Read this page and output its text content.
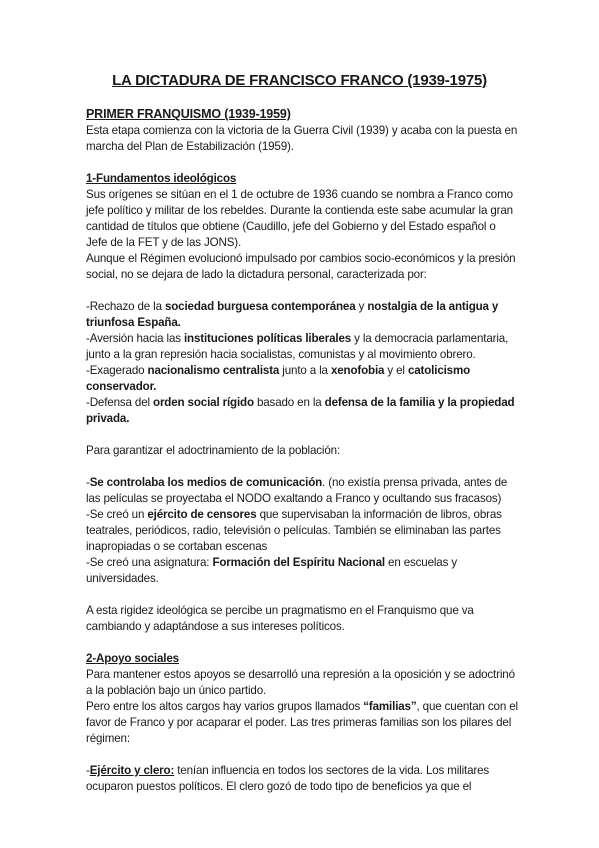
LA DICTADURA DE FRANCISCO FRANCO (1939-1975)

PRIMER FRANQUISMO (1939-1959)

Esta etapa comienza con la victoria de la Guerra Civil (1939) y acaba con la puesta en marcha del Plan de Estabilización (1959).

1-Fundamentos ideológicos

Sus orígenes se sitúan en el 1 de octubre de 1936 cuando se nombra a Franco como jefe político y militar de los rebeldes. Durante la contienda este sabe acumular la gran cantidad de títulos que obtiene (Caudillo, jefe del Gobierno y del Estado español o Jefe de la FET y de las JONS).

Aunque el Régimen evolucionó impulsado por cambios socio-económicos y la presión social, no se dejara de lado la dictadura personal, caracterizada por:

-Rechazo de la sociedad burguesa contemporánea y nostalgia de la antigua y triunfosa España.

-Aversión hacia las instituciones políticas liberales y la democracia parlamentaria, junto a la gran represión hacia socialistas, comunistas y al movimiento obrero.

-Exagerado nacionalismo centralista junto a la xenofobia y el catolicismo conservador.

-Defensa del orden social rígido basado en la defensa de la familia y la propiedad privada.

Para garantizar el adoctrinamiento de la población:

-Se controlaba los medios de comunicación. (no existía prensa privada, antes de las películas se proyectaba el NODO exaltando a Franco y ocultando sus fracasos)

-Se creó un ejército de censores que supervisaban la información de libros, obras teatrales, periódicos, radio, televisión o películas. También se eliminaban las partes inapropiadas o se cortaban escenas

-Se creó una asignatura: Formación del Espíritu Nacional en escuelas y universidades.

A esta rigidez ideológica se percibe un pragmatismo en el Franquismo que va cambiando y adaptándose a sus intereses políticos.

2-Apoyo sociales

Para mantener estos apoyos se desarrolló una represión a la oposición y se adoctrinó a la población bajo un único partido.

Pero entre los altos cargos hay varios grupos llamados “familias”, que cuentan con el favor de Franco y por acaparar el poder. Las tres primeras familias son los pilares del régimen:

-Ejército y clero: tenían influencia en todos los sectores de la vida. Los militares ocuparon puestos políticos. El clero gozó de todo tipo de beneficios ya que el
